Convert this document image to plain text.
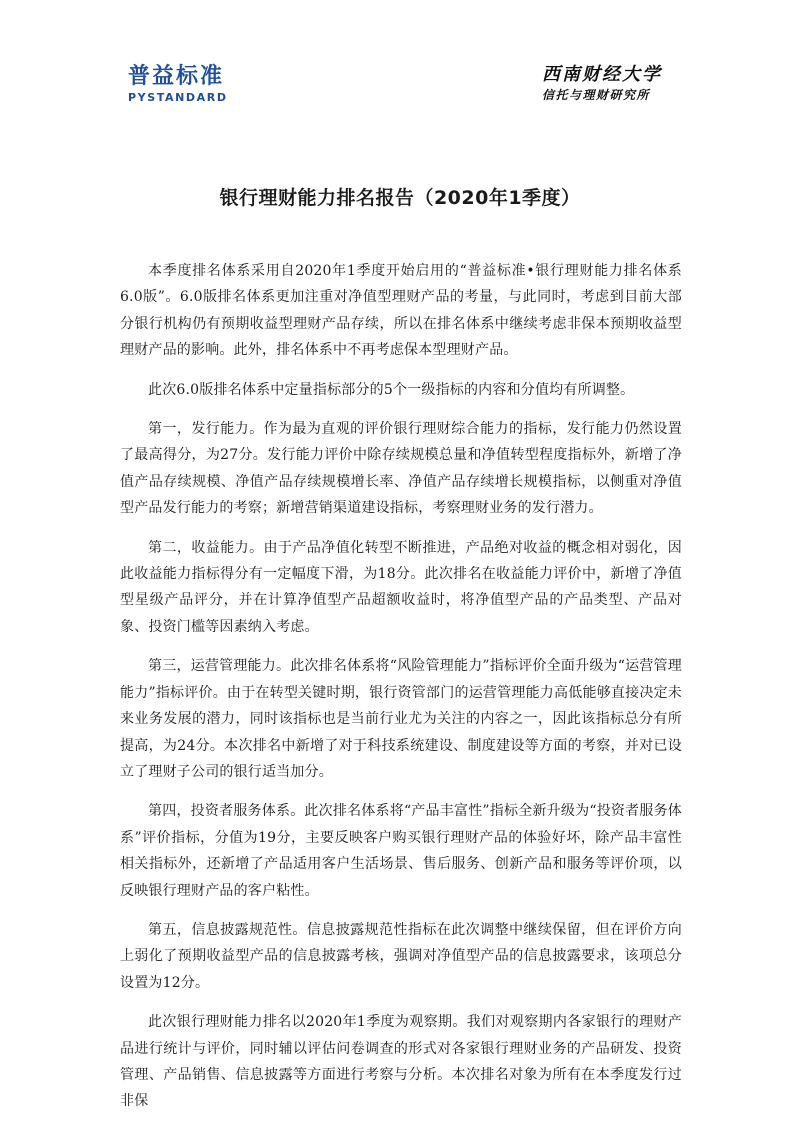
普益标准
PYSTANDARD
西南财经大学
信托与理财研究所
银行理财能力排名报告（2020年1季度）

本季度排名体系采用自2020年1季度开始启用的“普益标准•银行理财能力排名体系6.0版”。6.0版排名体系更加注重对净值型理财产品的考量，与此同时，考虑到目前大部分银行机构仍有预期收益型理财产品存续，所以在排名体系中继续考虑非保本预期收益型理财产品的影响。此外，排名体系中不再考虑保本型理财产品。

此次6.0版排名体系中定量指标部分的5个一级指标的内容和分值均有所调整。

第一，发行能力。作为最为直观的评价银行理财综合能力的指标，发行能力仍然设置了最高得分，为27分。发行能力评价中除存续规模总量和净值转型程度指标外，新增了净值产品存续规模、净值产品存续规模增长率、净值产品存续增长规模指标，以侧重对净值型产品发行能力的考察；新增营销渠道建设指标，考察理财业务的发行潜力。

第二，收益能力。由于产品净值化转型不断推进，产品绝对收益的概念相对弱化，因此收益能力指标得分有一定幅度下滑，为18分。此次排名在收益能力评价中，新增了净值型星级产品评分，并在计算净值型产品超额收益时，将净值型产品的产品类型、产品对象、投资门槛等因素纳入考虑。

第三，运营管理能力。此次排名体系将“风险管理能力”指标评价全面升级为“运营管理能力”指标评价。由于在转型关键时期，银行资管部门的运营管理能力高低能够直接决定未来业务发展的潜力，同时该指标也是当前行业尤为关注的内容之一，因此该指标总分有所提高，为24分。本次排名中新增了对于科技系统建设、制度建设等方面的考察，并对已设立了理财子公司的银行适当加分。

第四，投资者服务体系。此次排名体系将“产品丰富性”指标全新升级为“投资者服务体系”评价指标，分值为19分，主要反映客户购买银行理财产品的体验好坏，除产品丰富性相关指标外，还新增了产品适用客户生活场景、售后服务、创新产品和服务等评价项，以反映银行理财产品的客户粘性。

第五，信息披露规范性。信息披露规范性指标在此次调整中继续保留，但在评价方向上弱化了预期收益型产品的信息披露考核，强调对净值型产品的信息披露要求，该项总分设置为12分。

此次银行理财能力排名以2020年1季度为观察期。我们对观察期内各家银行的理财产品进行统计与评价，同时辅以评估问卷调查的形式对各家银行理财业务的产品研发、投资管理、产品销售、信息披露等方面进行考察与分析。本次排名对象为所有在本季度发行过非保
